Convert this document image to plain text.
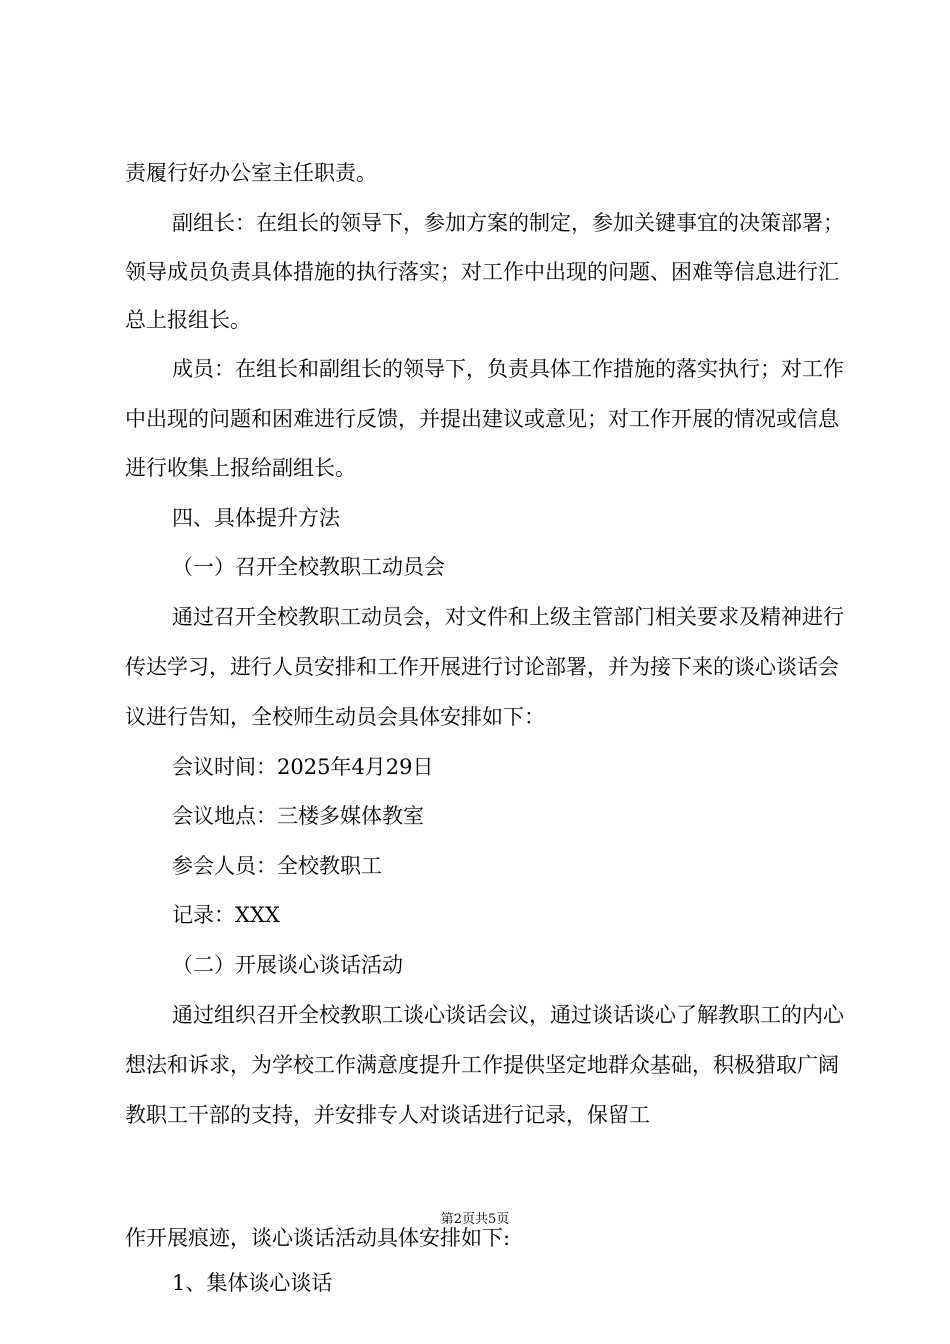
责履行好办公室主任职责。

副组长：在组长的领导下，参加方案的制定，参加关键事宜的决策部署；

领导成员负责具体措施的执行落实；对工作中出现的问题、困难等信息进行汇

总上报组长。

成员：在组长和副组长的领导下，负责具体工作措施的落实执行；对工作

中出现的问题和困难进行反馈，并提出建议或意见；对工作开展的情况或信息

进行收集上报给副组长。

四、具体提升方法

（一）召开全校教职工动员会

通过召开全校教职工动员会，对文件和上级主管部门相关要求及精神进行

传达学习，进行人员安排和工作开展进行讨论部署，并为接下来的谈心谈话会

议进行告知，全校师生动员会具体安排如下：

会议时间：2025年4月29日

会议地点：三楼多媒体教室

参会人员：全校教职工

记录：XXX

（二）开展谈心谈话活动

通过组织召开全校教职工谈心谈话会议，通过谈话谈心了解教职工的内心

想法和诉求，为学校工作满意度提升工作提供坚定地群众基础，积极猎取广阔

教职工干部的支持，并安排专人对谈话进行记录，保留工

第2页共5页

作开展痕迹，谈心谈话活动具体安排如下:

1、集体谈心谈话
